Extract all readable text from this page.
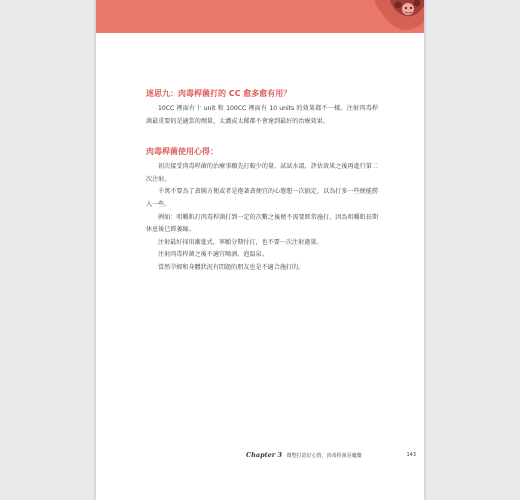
迷思九：肉毒桿菌打的 CC 愈多愈有用？

10CC 裡面有十 unit 和 100CC 裡面有 10 units 的效果都不一樣。注射肉毒桿菌最重要的是適當的劑量，太濃或太稀都不會達到最好的治療效果。

肉毒桿菌使用心得：

初次接受肉毒桿菌的治療事願先打較少的量，試試水溫，評估效果之後再進行第二次注射。

千萬不要為了貪圖方便或者是抱著貪便宜的心態想一次搞定，以為打多一些便能撈入一些。

例如：咀嚼肌打肉毒桿菌打到一定的次數之後便不需要經常施打，因為咀嚼肌長期休息後已經萎縮。

注射最好採用漸進式，寧願分期付打，也不要一次注射過量。

注射肉毒桿菌之後不適宜喝酒、泡溫泉。

當然孕婦和身體狀況有問題的朋友也是不適合施打的。

Chapter 3 微整打造好心情，肉毒桿菌是魔藥	143
